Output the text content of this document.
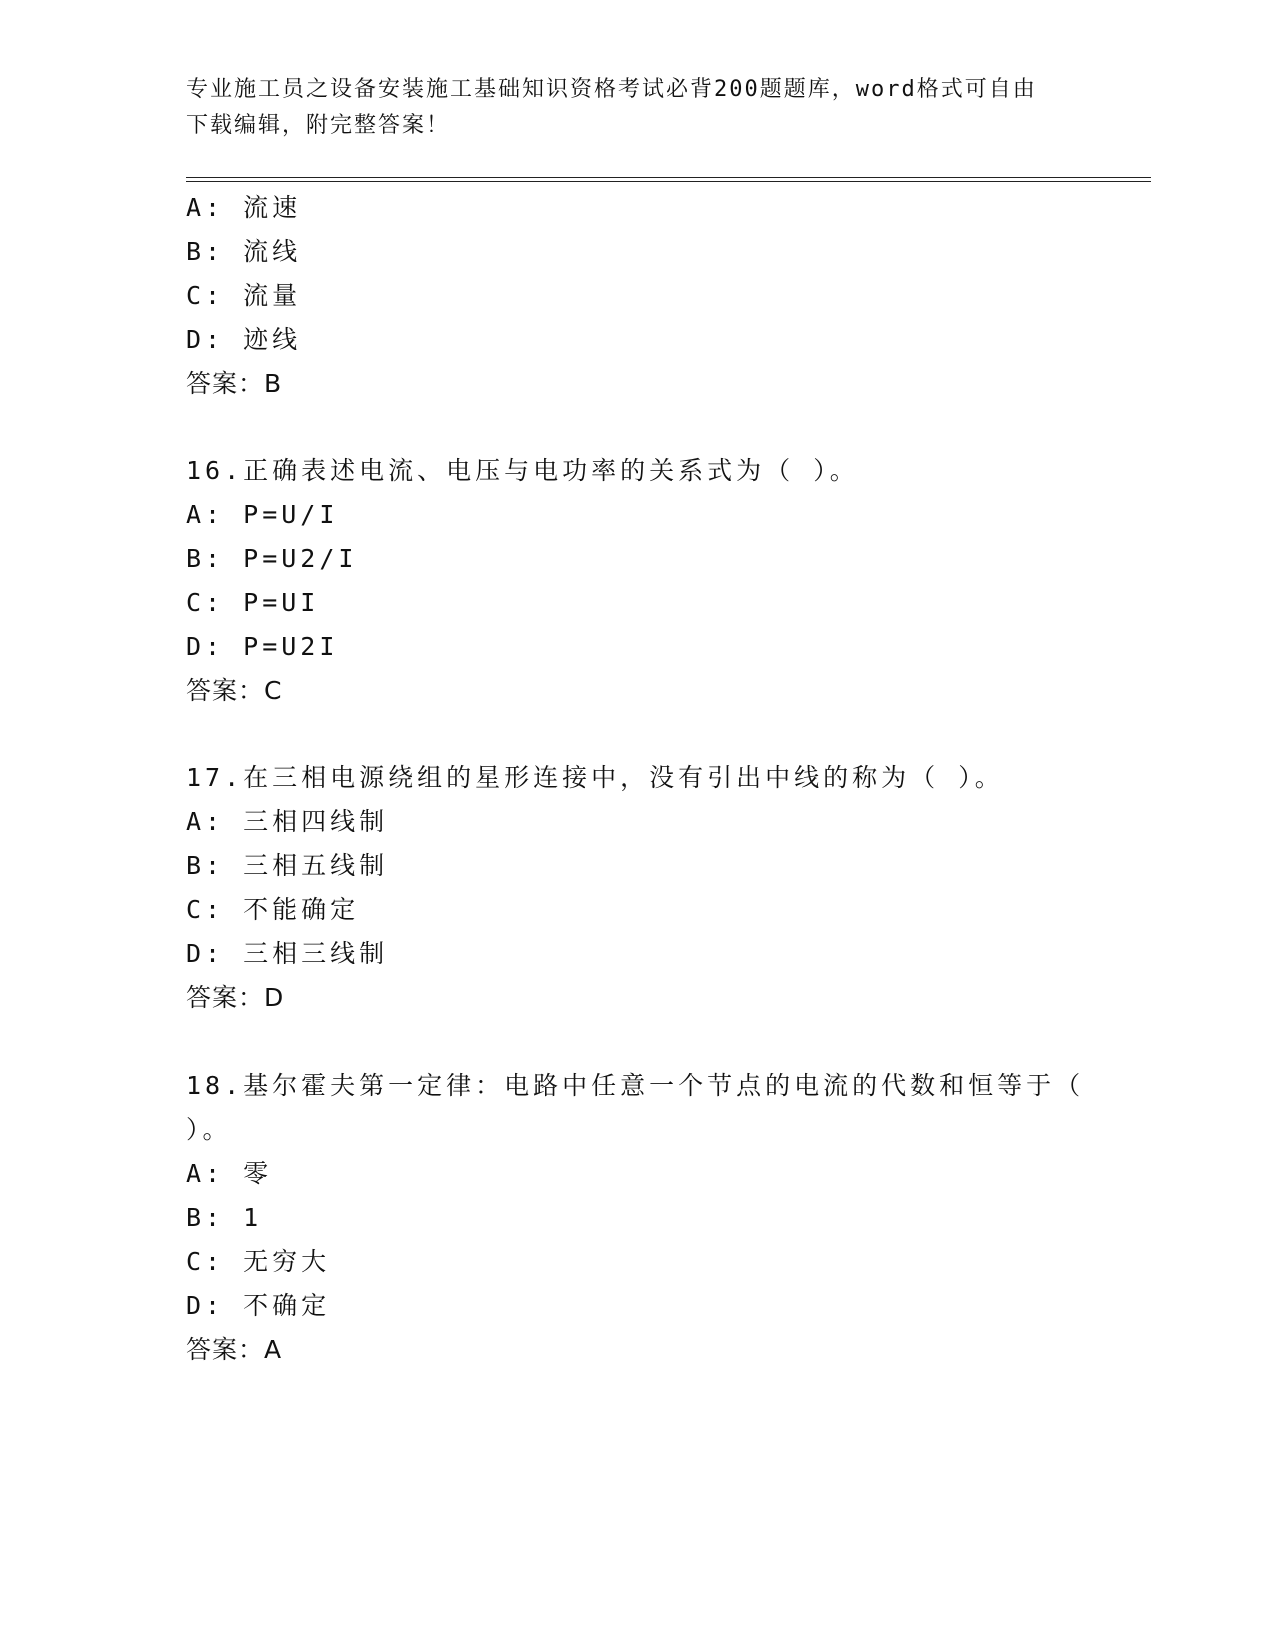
专业施工员之设备安装施工基础知识资格考试必背200题题库，word格式可自由
下载编辑，附完整答案！
A: 流速
B: 流线
C: 流量
D: 迹线
答案：B
16.正确表述电流、电压与电功率的关系式为（ ）。
A: P=U/I
B: P=U2/I
C: P=UI
D: P=U2I
答案：C
17.在三相电源绕组的星形连接中，没有引出中线的称为（ ）。
A: 三相四线制
B: 三相五线制
C: 不能确定
D: 三相三线制
答案：D
18.基尔霍夫第一定律：电路中任意一个节点的电流的代数和恒等于（
）。
A: 零
B: 1
C: 无穷大
D: 不确定
答案：A
